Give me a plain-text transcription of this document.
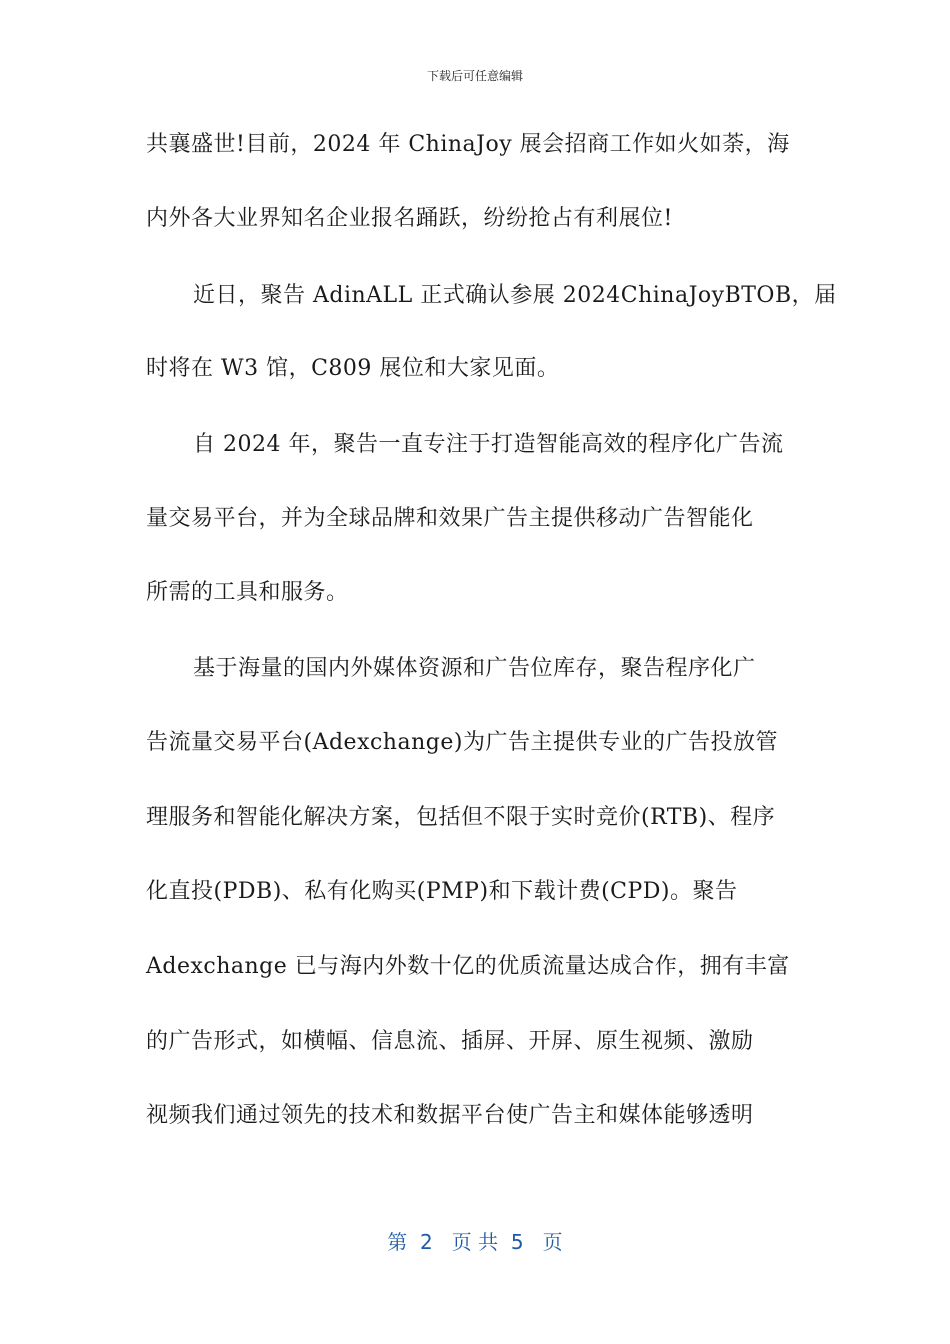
下载后可任意编辑
共襄盛世!目前，2024 年 ChinaJoy 展会招商工作如火如荼，海
内外各大业界知名企业报名踊跃，纷纷抢占有利展位!
近日，聚告 AdinALL 正式确认参展 2024ChinaJoyBTOB，届
时将在 W3 馆，C809 展位和大家见面。
自 2024 年，聚告一直专注于打造智能高效的程序化广告流
量交易平台，并为全球品牌和效果广告主提供移动广告智能化
所需的工具和服务。
基于海量的国内外媒体资源和广告位库存，聚告程序化广
告流量交易平台(Adexchange)为广告主提供专业的广告投放管
理服务和智能化解决方案，包括但不限于实时竞价(RTB)、程序
化直投(PDB)、私有化购买(PMP)和下载计费(CPD)。聚告
Adexchange 已与海内外数十亿的优质流量达成合作，拥有丰富
的广告形式，如横幅、信息流、插屏、开屏、原生视频、激励
视频我们通过领先的技术和数据平台使广告主和媒体能够透明
第  2   页 共  5   页
